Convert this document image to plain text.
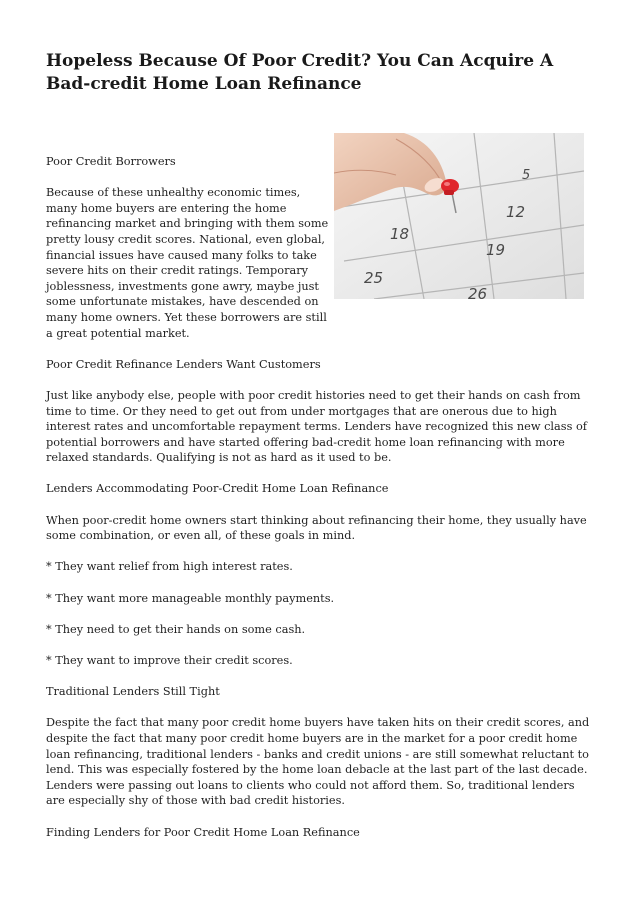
Hopeless Because Of Poor Credit? You Can Acquire A Bad-credit Home Loan Refinance
5
12
18
19
25
26

Poor Credit Borrowers

Because of these unhealthy economic times, many home buyers are entering the home refinancing market and bringing with them some pretty lousy credit scores. National, even global, financial issues have caused many folks to take severe hits on their credit ratings. Temporary joblessness, investments gone awry, maybe just some unfortunate mistakes, have descended on many home owners. Yet these borrowers are still a great potential market.

Poor Credit Refinance Lenders Want Customers

Just like anybody else, people with poor credit histories need to get their hands on cash from time to time. Or they need to get out from under mortgages that are onerous due to high interest rates and uncomfortable repayment terms. Lenders have recognized this new class of potential borrowers and have started offering bad-credit home loan refinancing with more relaxed standards. Qualifying is not as hard as it used to be.

Lenders Accommodating Poor-Credit Home Loan Refinance

When poor-credit home owners start thinking about refinancing their home, they usually have some combination, or even all, of these goals in mind.

* They want relief from high interest rates.

* They want more manageable monthly payments.

* They need to get their hands on some cash.

* They want to improve their credit scores.

Traditional Lenders Still Tight

Despite the fact that many poor credit home buyers have taken hits on their credit scores, and despite the fact that many poor credit home buyers are in the market for a poor credit home loan refinancing, traditional lenders - banks and credit unions - are still somewhat reluctant to lend. This was especially fostered by the home loan debacle at the last part of the last decade. Lenders were passing out loans to clients who could not afford them. So, traditional lenders are especially shy of those with bad credit histories.

Finding Lenders for Poor Credit Home Loan Refinance
